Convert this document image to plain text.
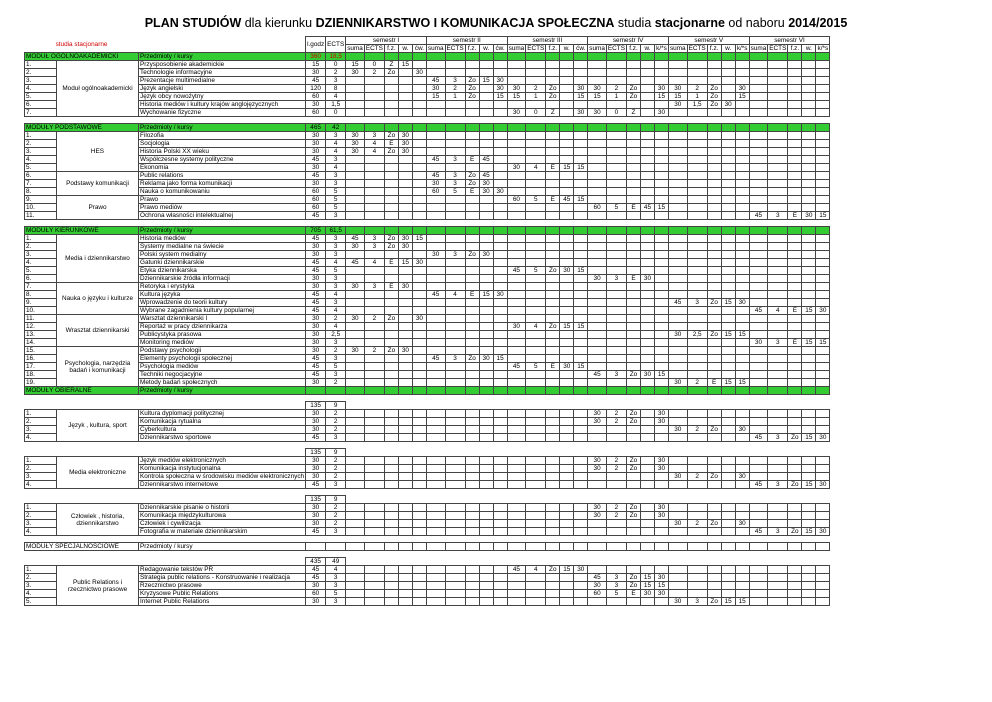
PLAN STUDIÓW dla kierunku DZIENNIKARSTWO I KOMUNIKACJA SPOŁECZNA studia stacjonarne od naboru 2014/2015
studia stacjonarne			l.godz	ECTS	semestr I					semestr II					semestr III					semestr IV					semestr V					semestr VI				
					suma	ECTS	f.z.	w.	ćw.	suma	ECTS	f.z.	w.	ćw.	suma	ECTS	f.z.	w.	ćw.	suma	ECTS	f.z.	w.	k/*s	suma	ECTS	f.z.	w.	k/*s	suma	ECTS	f.z.	w.	k/*s
MODUŁ OGÓLNOAKADEMICKI		Przedmioty / kursy	360	18,5																														
1.	Moduł ogólnoakademicki	Przysposobienie akademickie	15	0	15	0	Z	15																										
2.		Technologie informacyjne	30	2	30	2	Zo		30																									
3.		Prezentacje multimedialne	45	3						45	3	Zo	15	30																				
4.		Język angielski	120	8						30	2	Zo		30	30	2	Zo		30	30	2	Zo		30	30	2	Zo		30					
5.		Język obcy nowożytny	60	4						15	1	Zo		15	15	1	Zo		15	15	1	Zo		15	15	1	Zo		15					
6.		Historia mediów i kultury krajów anglojęzycznych	30	1,5																					30	1,5	Zo	30						
7.		Wychowanie fizyczne	60	0											30	0	Z		30	30	0	Z		30										

MODUŁY PODSTAWOWE		Przedmioty / kursy	465	42																														
1.	HES	Filozofia	30	3	30	3	Zo	30																										
2.		Socjologia	30	4	30	4	E	30																										
3.		Historia Polski XX wieku	30	4	30	4	Zo	30																										
4.		Współczesne systemy polityczne	45	3						45	3	E	45																					
5.		Ekonomia	30	4											30	4	E	15	15															
6.	Podstawy komunikacji	Public relations	45	3						45	3	Zo	45																					
7.		Reklama jako forma komunikacji	30	3						30	3	Zo	30																					
8.		Nauka o komunikowaniu	60	5						60	5	E	30	30																				
9.	Prawo	Prawo	60	5											60	5	E	45	15															
10.		Prawo mediów	60	5																60	5	E	45	15										
11.		Ochrona własności intelektualnej	45	3																										45	3	E	30	15

MODUŁY KIERUNKOWE		Przedmioty / kursy	705	61,5																														
1.	Media i dziennikarstwo	Historia mediów	45	3	45	3	Zo	30	15																									
2.		Systemy medialne na świecie	30	3	30	3	Zo	30																										
3.		Polski system medialny	30	3						30	3	Zo	30																					
4.		Gatunki dziennikarskie	45	4	45	4	E	15	30																									
5.		Etyka dziennikarska	45	5											45	5	Zo	30	15															
6.		Dziennikarskie źródła informacji	30	3																30	3	E	30											
7.	Nauka o języku i kulturze	Retoryka i erystyka	30	3	30	3	E	30																										
8.		Kultura języka	45	4						45	4	E	15	30																				
9.		Wprowadzenie do teorii kultury	45	3																					45	3	Zo	15	30					
10.		Wybrane zagadnienia kultury popularnej	45	4																										45	4	E	15	30
11.	Wrasztat dziennikarski	Warsztat dziennikarski I	30	2	30	2	Zo		30																									
12.		Reportaż w pracy dziennikarza	30	4											30	4	Zo	15	15															
13.		Publicystyka prasowa	30	2,5																					30	2,5	Zo	15	15					
14.		Monitoring mediów	30	3																										30	3	E	15	15
15.	Psychologia, narzędzia badań i komunikacji	Podstawy psychologii	30	2	30	2	Zo	30																										
16.		Elementy psychologii społecznej	45	3						45	3	Zo	30	15																				
17.		Psychologia mediów	45	5											45	5	E	30	15															
18.		Techniki negocjacyjne	45	3																45	3	Zo	30	15										
19.		Metody badań społecznych	30	2																					30	2	E	15	15					
MODUŁY OBIERALNE		Przedmioty / kursy																																

			135	9																														
1.	Język , kultura, sport	Kultura dyplomacji politycznej	30	2																30	2	Zo		30										
2.		Komunikacja rytualna	30	2																30	2	Zo		30										
3.		Cyberkultura	30	2																					30	2	Zo		30					
4.		Dziennikarstwo sportowe	45	3																										45	3	Zo	15	30

			135	9																														
1.	Media elektroniczne	Język mediów elektronicznych	30	2																30	2	Zo		30										
2.		Komunikacja instytucjonalna	30	2																30	2	Zo		30										
3.		Kontrola społeczna w środowisku mediów elektronicznych	30	2																					30	2	Zo		30					
4.		Dziennikarstwo internetowe	45	3																										45	3	Zo	15	30

			135	9																														
1.	Człowiek , historia, dziennikarstwo	Dziennikarskie pisanie o historii	30	2																30	2	Zo		30										
2.		Komunikacja międzykulturowa	30	2																30	2	Zo		30										
3.		Człowiek i cywilizacja	30	2																					30	2	Zo		30					
4.		Fotografia w materiale dziennikarskim	45	3																										45	3	Zo	15	30

MODUŁY SPECJALNOŚCIOWE		Przedmioty / kursy																																

			435	49																														
1.	Public Relations i rzecznictwo prasowe	Redagowanie tekstów PR	45	4											45	4	Zo	15	30															
2.		Strategia public relations - Konstruowanie i realizacja	45	3																45	3	Zo	15	30										
3.		Rzecznictwo prasowe	30	3																30	3	Zo	15	15										
4.		Kryzysowe Public Relations	60	5																60	5	E	30	30										
5.		Internet Public Relations	30	3																					30	3	Zo	15	15					
